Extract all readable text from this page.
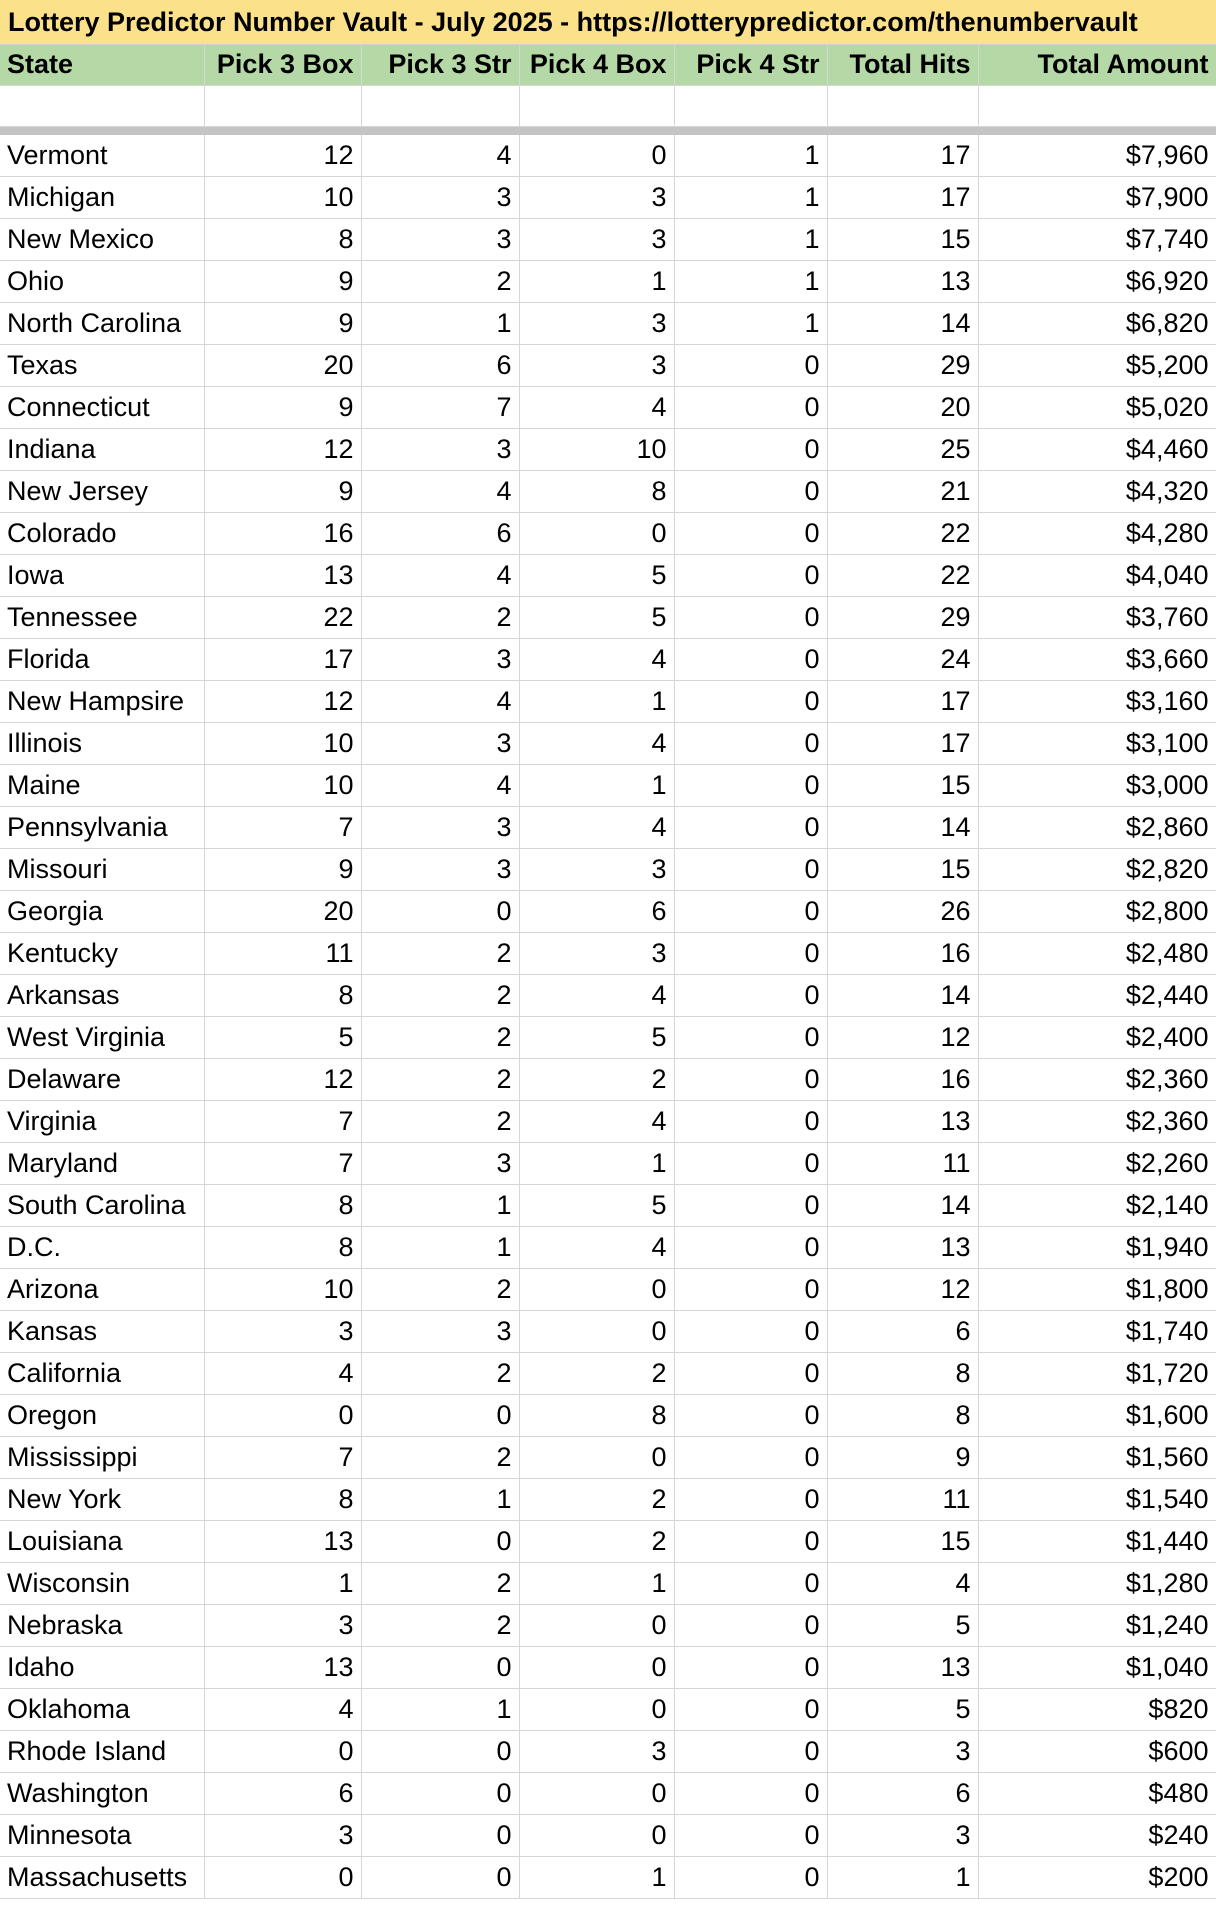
Lottery Predictor Number Vault - July 2025 - https://lotterypredictor.com/thenumbervault
State	Pick 3 Box	Pick 3 Str	Pick 4 Box	Pick 4 Str	Total Hits	Total Amount

Vermont	12	4	0	1	17	$7,960
Michigan	10	3	3	1	17	$7,900
New Mexico	8	3	3	1	15	$7,740
Ohio	9	2	1	1	13	$6,920
North Carolina	9	1	3	1	14	$6,820
Texas	20	6	3	0	29	$5,200
Connecticut	9	7	4	0	20	$5,020
Indiana	12	3	10	0	25	$4,460
New Jersey	9	4	8	0	21	$4,320
Colorado	16	6	0	0	22	$4,280
Iowa	13	4	5	0	22	$4,040
Tennessee	22	2	5	0	29	$3,760
Florida	17	3	4	0	24	$3,660
New Hampsire	12	4	1	0	17	$3,160
Illinois	10	3	4	0	17	$3,100
Maine	10	4	1	0	15	$3,000
Pennsylvania	7	3	4	0	14	$2,860
Missouri	9	3	3	0	15	$2,820
Georgia	20	0	6	0	26	$2,800
Kentucky	11	2	3	0	16	$2,480
Arkansas	8	2	4	0	14	$2,440
West Virginia	5	2	5	0	12	$2,400
Delaware	12	2	2	0	16	$2,360
Virginia	7	2	4	0	13	$2,360
Maryland	7	3	1	0	11	$2,260
South Carolina	8	1	5	0	14	$2,140
D.C.	8	1	4	0	13	$1,940
Arizona	10	2	0	0	12	$1,800
Kansas	3	3	0	0	6	$1,740
California	4	2	2	0	8	$1,720
Oregon	0	0	8	0	8	$1,600
Mississippi	7	2	0	0	9	$1,560
New York	8	1	2	0	11	$1,540
Louisiana	13	0	2	0	15	$1,440
Wisconsin	1	2	1	0	4	$1,280
Nebraska	3	2	0	0	5	$1,240
Idaho	13	0	0	0	13	$1,040
Oklahoma	4	1	0	0	5	$820
Rhode Island	0	0	3	0	3	$600
Washington	6	0	0	0	6	$480
Minnesota	3	0	0	0	3	$240
Massachusetts	0	0	1	0	1	$200
